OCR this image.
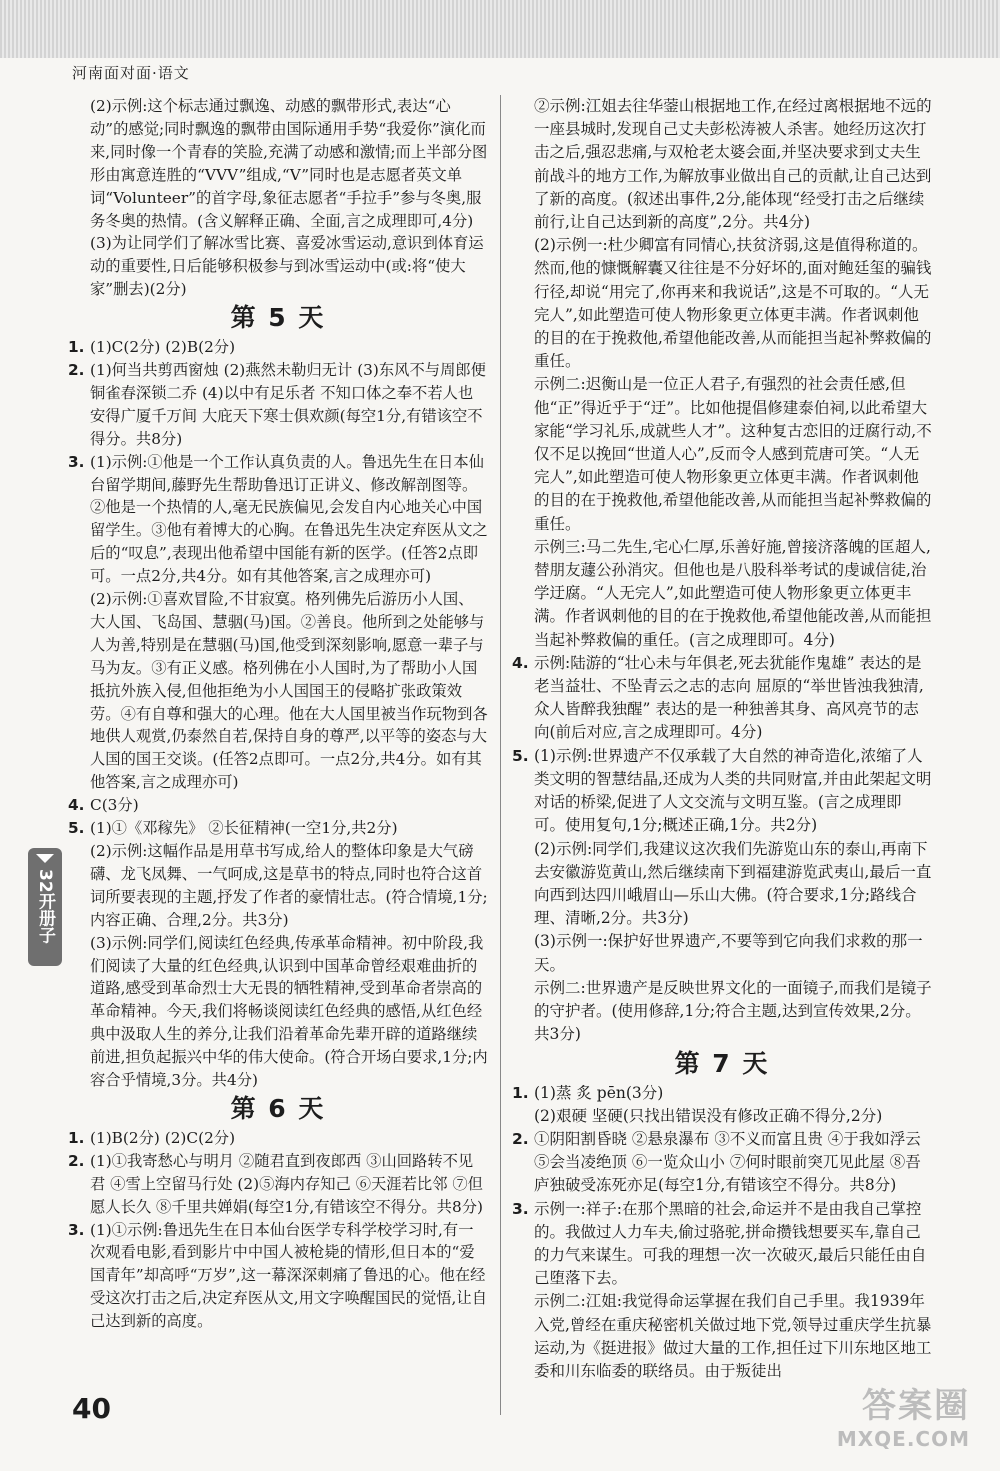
河南面对面·语文
(2)示例:这个标志通过飘逸、动感的飘带形式,表达“心动”的感觉;同时飘逸的飘带由国际通用手势“我爱你”演化而来,同时像一个青春的笑脸,充满了动感和激情;而上半部分图形由寓意连胜的“VVV”组成,“V”同时也是志愿者英文单词“Volunteer”的首字母,象征志愿者“手拉手”参与冬奥,服务冬奥的热情。(含义解释正确、全面,言之成理即可,4分)
(3)为让同学们了解冰雪比赛、喜爱冰雪运动,意识到体育运动的重要性,日后能够积极参与到冰雪运动中(或:将“使大家”删去)(2分)
第 5 天
1. (1)C(2分) (2)B(2分)
2. (1)何当共剪西窗烛 (2)燕然未勒归无计 (3)东风不与周郎便 铜雀春深锁二乔 (4)以中有足乐者 不知口体之奉不若人也 安得广厦千万间 大庇天下寒士俱欢颜(每空1分,有错该空不得分。共8分)
3. (1)示例:①他是一个工作认真负责的人。鲁迅先生在日本仙台留学期间,藤野先生帮助鲁迅订正讲义、修改解剖图等。②他是一个热情的人,毫无民族偏见,会发自内心地关心中国留学生。③他有着博大的心胸。在鲁迅先生决定弃医从文之后的“叹息”,表现出他希望中国能有新的医学。(任答2点即可。一点2分,共4分。如有其他答案,言之成理亦可)
(2)示例:①喜欢冒险,不甘寂寞。格列佛先后游历小人国、大人国、飞岛国、慧骃(马)国。②善良。他所到之处能够与人为善,特别是在慧骃(马)国,他受到深刻影响,愿意一辈子与马为友。③有正义感。格列佛在小人国时,为了帮助小人国抵抗外族入侵,但他拒绝为小人国国王的侵略扩张政策效劳。④有自尊和强大的心理。他在大人国里被当作玩物到各地供人观赏,仍泰然自若,保持自身的尊严,以平等的姿态与大人国的国王交谈。(任答2点即可。一点2分,共4分。如有其他答案,言之成理亦可)
4. C(3分)
5. (1)①《邓稼先》 ②长征精神(一空1分,共2分)
(2)示例:这幅作品是用草书写成,给人的整体印象是大气磅礴、龙飞凤舞、一气呵成,这是草书的特点,同时也符合这首词所要表现的主题,抒发了作者的豪情壮志。(符合情境,1分;内容正确、合理,2分。共3分)
(3)示例:同学们,阅读红色经典,传承革命精神。初中阶段,我们阅读了大量的红色经典,认识到中国革命曾经艰难曲折的道路,感受到革命烈士大无畏的牺牲精神,受到革命者崇高的革命精神。今天,我们将畅谈阅读红色经典的感悟,从红色经典中汲取人生的养分,让我们沿着革命先辈开辟的道路继续前进,担负起振兴中华的伟大使命。(符合开场白要求,1分;内容合乎情境,3分。共4分)
第 6 天
1. (1)B(2分) (2)C(2分)
2. (1)①我寄愁心与明月 ②随君直到夜郎西 ③山回路转不见君 ④雪上空留马行处 (2)⑤海内存知己 ⑥天涯若比邻 ⑦但愿人长久 ⑧千里共婵娟(每空1分,有错该空不得分。共8分)
3. (1)①示例:鲁迅先生在日本仙台医学专科学校学习时,有一次观看电影,看到影片中中国人被枪毙的情形,但日本的“爱国青年”却高呼“万岁”,这一幕深深刺痛了鲁迅的心。他在经受这次打击之后,决定弃医从文,用文字唤醒国民的觉悟,让自己达到新的高度。
②示例:江姐去往华蓥山根据地工作,在经过离根据地不远的一座县城时,发现自己丈夫彭松涛被人杀害。她经历这次打击之后,强忍悲痛,与双枪老太婆会面,并坚决要求到丈夫生前战斗的地方工作,为解放事业做出自己的贡献,让自己达到了新的高度。(叙述出事件,2分,能体现“经受打击之后继续前行,让自己达到新的高度”,2分。共4分)
(2)示例一:杜少卿富有同情心,扶贫济弱,这是值得称道的。然而,他的慷慨解囊又往往是不分好坏的,面对鲍廷玺的骗钱行径,却说“用完了,你再来和我说话”,这是不可取的。“人无完人”,如此塑造可使人物形象更立体更丰满。作者讽刺他的目的在于挽救他,希望他能改善,从而能担当起补弊救偏的重任。
示例二:迟衡山是一位正人君子,有强烈的社会责任感,但他“正”得近乎于“迂”。比如他提倡修建泰伯祠,以此希望大家能“学习礼乐,成就些人才”。这种复古恋旧的迂腐行动,不仅不足以挽回“世道人心”,反而令人感到荒唐可笑。“人无完人”,如此塑造可使人物形象更立体更丰满。作者讽刺他的目的在于挽救他,希望他能改善,从而能担当起补弊救偏的重任。
示例三:马二先生,宅心仁厚,乐善好施,曾接济落魄的匡超人,替朋友蘧公孙消灾。但他也是八股科举考试的虔诚信徒,治学迂腐。“人无完人”,如此塑造可使人物形象更立体更丰满。作者讽刺他的目的在于挽救他,希望他能改善,从而能担当起补弊救偏的重任。(言之成理即可。4分)
4. 示例:陆游的“壮心未与年俱老,死去犹能作鬼雄” 表达的是老当益壮、不坠青云之志的志向 屈原的“举世皆浊我独清,众人皆醉我独醒” 表达的是一种独善其身、高风亮节的志向(前后对应,言之成理即可。4分)
5. (1)示例:世界遗产不仅承载了大自然的神奇造化,浓缩了人类文明的智慧结晶,还成为人类的共同财富,并由此架起文明对话的桥梁,促进了人文交流与文明互鉴。(言之成理即可。使用复句,1分;概述正确,1分。共2分)
(2)示例:同学们,我建议这次我们先游览山东的泰山,再南下去安徽游览黄山,然后继续南下到福建游览武夷山,最后一直向西到达四川峨眉山—乐山大佛。(符合要求,1分;路线合理、清晰,2分。共3分)
(3)示例一:保护好世界遗产,不要等到它向我们求救的那一天。
示例二:世界遗产是反映世界文化的一面镜子,而我们是镜子的守护者。(使用修辞,1分;符合主题,达到宣传效果,2分。共3分)
第 7 天
1. (1)蒸 炙 pēn(3分)
(2)艰硬 坚硬(只找出错误没有修改正确不得分,2分)
2. ①阴阳割昏晓 ②悬泉瀑布 ③不义而富且贵 ④于我如浮云 ⑤会当凌绝顶 ⑥一览众山小 ⑦何时眼前突兀见此屋 ⑧吾庐独破受冻死亦足(每空1分,有错该空不得分。共8分)
3. 示例一:祥子:在那个黑暗的社会,命运并不是由我自己掌控的。我做过人力车夫,偷过骆驼,拼命攒钱想要买车,靠自己的力气来谋生。可我的理想一次一次破灭,最后只能任由自己堕落下去。
示例二:江姐:我觉得命运掌握在我们自己手里。我1939年入党,曾经在重庆秘密机关做过地下党,领导过重庆学生抗暴运动,为《挺进报》做过大量的工作,担任过下川东地区地工委和川东临委的联络员。由于叛徒出
32开册子
40	答案圈
MXQE.COM
